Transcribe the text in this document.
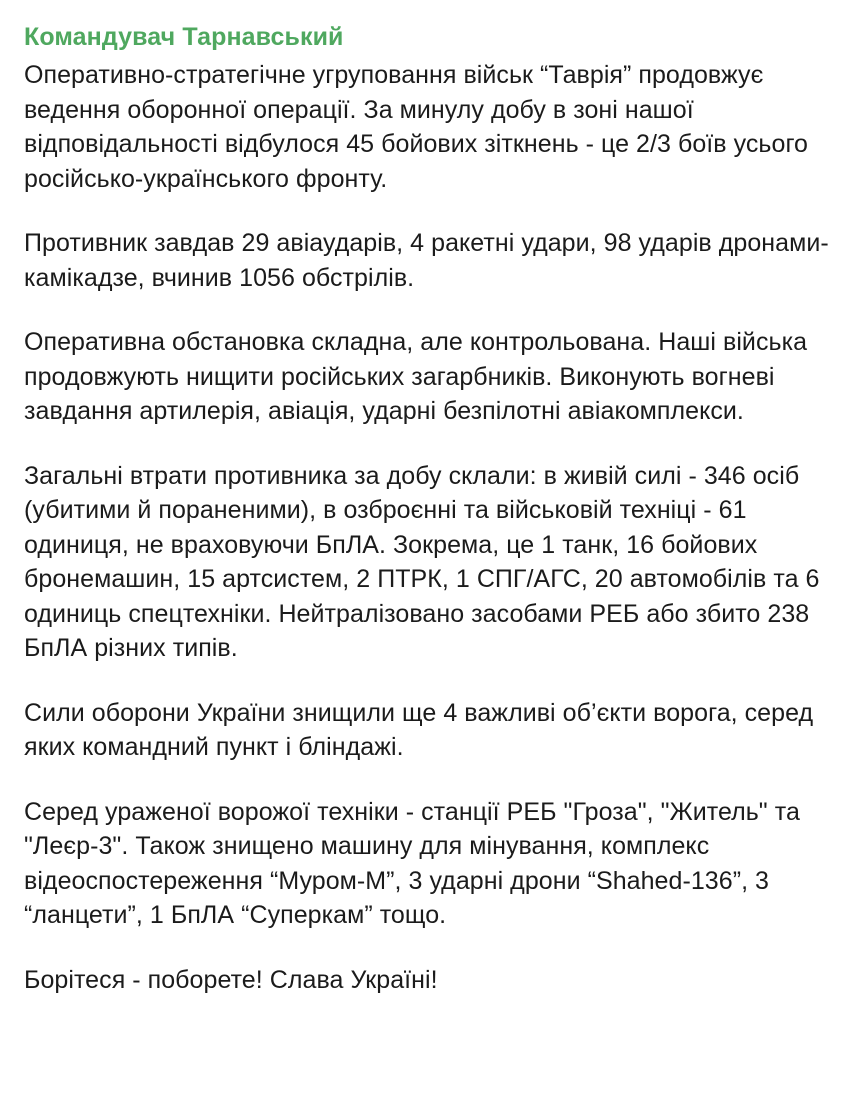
Командувач Тарнавський

Оперативно-стратегічне угруповання військ “Таврія” продовжує ведення оборонної операції. За минулу добу в зоні нашої відповідальності відбулося 45 бойових зіткнень - це 2/3 боїв усього російсько-українського фронту.

Противник завдав 29 авіаударів, 4 ракетні удари, 98 ударів дронами-камікадзе, вчинив 1056 обстрілів.

Оперативна обстановка складна, але контрольована. Наші війська продовжують нищити російських загарбників. Виконують вогневі завдання артилерія, авіація, ударні безпілотні авіакомплекси.

Загальні втрати противника за добу склали: в живій силі - 346 осіб (убитими й пораненими), в озброєнні та військовій техніці - 61 одиниця, не враховуючи БпЛА. Зокрема, це 1 танк, 16 бойових бронемашин, 15 артсистем, 2 ПТРК, 1 СПГ/АГС, 20 автомобілів та 6 одиниць спецтехніки. Нейтралізовано засобами РЕБ або збито 238 БпЛА різних типів.

Сили оборони України знищили ще 4 важливі об’єкти ворога, серед яких командний пункт і бліндажі.

Серед ураженої ворожої техніки - станції РЕБ "Гроза", "Житель" та "Леєр-3". Також знищено машину для мінування, комплекс відеоспостереження “Муром-М”, 3 ударні дрони “Shahed-136”, 3 “ланцети”, 1 БпЛА “Суперкам” тощо.

Борітеся - поборете! Слава Україні!
